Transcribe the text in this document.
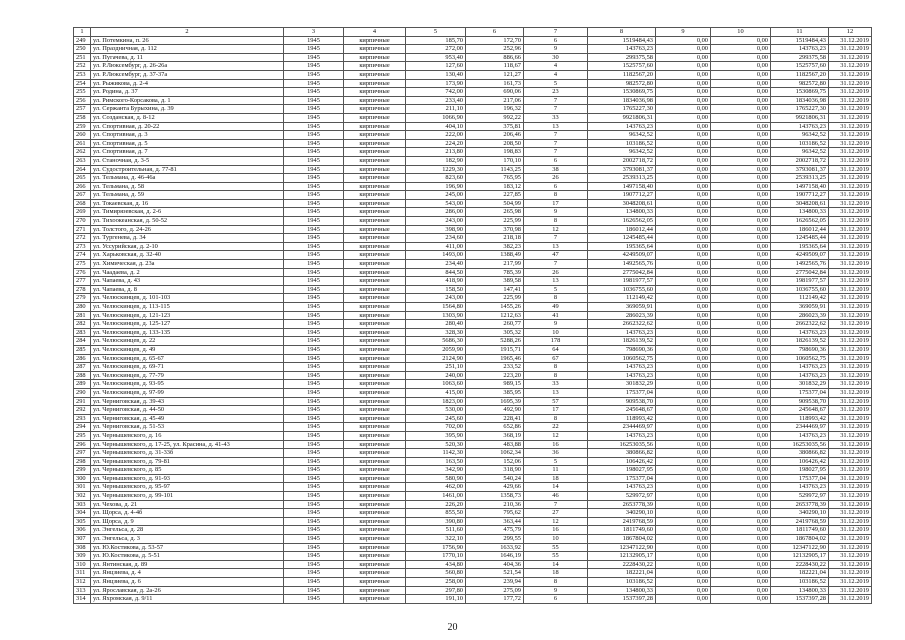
1	2	3	4	5	6	7	8	9	10	11	12
249	ул. Потемкина, п. 26	1945	кирпичные	185,70	172,70	6	1519484,43	0,00	0,00	1519484,43	31.12.2019
250	ул. Праздничная, д. 112	1945	кирпичные	272,00	252,96	9	143763,23	0,00	0,00	143763,23	31.12.2019
251	ул. Пугачева, д. 11	1945	кирпичные	953,40	886,66	30	299375,58	0,00	0,00	299375,58	31.12.2019
252	ул. Р.Люксембург, д. 26-26а	1945	кирпичные	127,60	118,67	4	1525757,60	0,00	0,00	1525757,60	31.12.2019
253	ул. Р.Люксембург, д. 37-37а	1945	кирпичные	130,40	121,27	4	1182567,20	0,00	0,00	1182567,20	31.12.2019
254	ул. Рыжикова, д. 2-4	1945	кирпичные	173,90	161,73	5	982572,80	0,00	0,00	982572,80	31.12.2019
255	ул. Родина, д. 37	1945	кирпичные	742,00	690,06	23	1530869,75	0,00	0,00	1530869,75	31.12.2019
256	ул. Римского-Корсакова, д. 1	1945	кирпичные	233,40	217,06	7	1834036,98	0,00	0,00	1834036,98	31.12.2019
257	ул. Сержанта Бурыхина, д. 39	1945	кирпичные	211,10	196,32	7	1765227,30	0,00	0,00	1765227,30	31.12.2019
258	ул. Созданская, д. 8-12	1945	кирпичные	1066,90	992,22	33	9921806,31	0,00	0,00	9921806,31	31.12.2019
259	ул. Спортивная, д. 20-22	1945	кирпичные	404,10	375,81	13	143763,23	0,00	0,00	143763,23	31.12.2019
260	ул. Спортивная, д. 3	1945	кирпичные	222,00	206,46	7	96342,52	0,00	0,00	96342,52	31.12.2019
261	ул. Спортивная, д. 5	1945	кирпичные	224,20	208,50	7	103186,52	0,00	0,00	103186,52	31.12.2019
262	ул. Спортивная, д. 7	1945	кирпичные	213,80	198,83	7	96342,52	0,00	0,00	96342,52	31.12.2019
263	ул. Станочная, д. 3-5	1945	кирпичные	182,90	170,10	6	2002718,72	0,00	0,00	2002718,72	31.12.2019
264	ул. Судостроительная, д. 77-81	1945	кирпичные	1229,30	1143,25	38	3793081,37	0,00	0,00	3793081,37	31.12.2019
265	ул. Тельмана, д. 46-46а	1945	кирпичные	823,60	765,95	26	2539313,25	0,00	0,00	2539313,25	31.12.2019
266	ул. Тельмана, д. 58	1945	кирпичные	196,90	183,12	6	1497158,40	0,00	0,00	1497158,40	31.12.2019
267	ул. Тельмана, д. 59	1945	кирпичные	245,00	227,85	8	1907712,27	0,00	0,00	1907712,27	31.12.2019
268	ул. Токаевская, д. 16	1945	кирпичные	543,00	504,99	17	3048208,61	0,00	0,00	3048208,61	31.12.2019
269	ул. Тимирязевская, д. 2-6	1945	кирпичные	286,00	265,98	9	134800,33	0,00	0,00	134800,33	31.12.2019
270	ул. Тихоокеанская, д. 50-52	1945	кирпичные	243,00	225,99	8	1626562,05	0,00	0,00	1626562,05	31.12.2019
271	ул. Толстого, д. 24-26	1945	кирпичные	398,90	370,98	12	186012,44	0,00	0,00	186012,44	31.12.2019
272	ул. Тургенева, д. 34	1945	кирпичные	234,60	218,18	7	1245485,44	0,00	0,00	1245485,44	31.12.2019
273	ул. Уссурийская, д. 2-10	1945	кирпичные	411,00	382,23	13	195365,64	0,00	0,00	195365,64	31.12.2019
274	ул. Харьковская, д. 32-40	1945	кирпичные	1493,00	1388,49	47	4249509,07	0,00	0,00	4249509,07	31.12.2019
275	ул. Химическая, д. 23а	1945	кирпичные	234,40	217,99	7	1492565,76	0,00	0,00	1492565,76	31.12.2019
276	ул. Чаадаева, д. 2	1945	кирпичные	844,50	785,39	26	2775042,84	0,00	0,00	2775042,84	31.12.2019
277	ул. Чапаева, д. 43	1945	кирпичные	418,90	389,58	13	1981977,57	0,00	0,00	1981977,57	31.12.2019
278	ул. Чапаева, д. 8	1945	кирпичные	158,50	147,41	5	1036755,60	0,00	0,00	1036755,60	31.12.2019
279	ул. Челюскинцев, д. 101-103	1945	кирпичные	243,00	225,99	8	112149,42	0,00	0,00	112149,42	31.12.2019
280	ул. Челюскинцев, д. 113-115	1945	кирпичные	1564,80	1455,26	49	369059,91	0,00	0,00	369059,91	31.12.2019
281	ул. Челюскинцев, д. 121-123	1945	кирпичные	1303,90	1212,63	41	286023,39	0,00	0,00	286023,39	31.12.2019
282	ул. Челюскинцев, д. 125-127	1945	кирпичные	280,40	260,77	9	2662322,62	0,00	0,00	2662322,62	31.12.2019
283	ул. Челюскинцев, д. 133-135	1945	кирпичные	328,30	305,32	10	143763,23	0,00	0,00	143763,23	31.12.2019
284	ул. Челюскинцев, д. 22	1945	кирпичные	5686,30	5288,26	178	1826139,52	0,00	0,00	1826139,52	31.12.2019
285	ул. Челюскинцев, д. 49	1945	кирпичные	2059,90	1915,71	64	798690,36	0,00	0,00	798690,36	31.12.2019
286	ул. Челюскинцев, д. 65-67	1945	кирпичные	2124,90	1965,46	67	1060562,75	0,00	0,00	1060562,75	31.12.2019
287	ул. Челюскинцев, д. 69-71	1945	кирпичные	251,10	233,52	8	143763,23	0,00	0,00	143763,23	31.12.2019
288	ул. Челюскинцев, д. 77-79	1945	кирпичные	240,00	223,20	8	143763,23	0,00	0,00	143763,23	31.12.2019
289	ул. Челюскинцев, д. 93-95	1945	кирпичные	1063,60	989,15	33	301832,29	0,00	0,00	301832,29	31.12.2019
290	ул. Челюскинцев, д. 97-99	1945	кирпичные	415,00	385,95	13	175377,04	0,00	0,00	175377,04	31.12.2019
291	ул. Черниговская, д. 39-43	1945	кирпичные	1823,00	1695,39	57	909538,70	0,00	0,00	909538,70	31.12.2019
292	ул. Черниговская, д. 44-50	1945	кирпичные	530,00	492,90	17	245648,67	0,00	0,00	245648,67	31.12.2019
293	ул. Черниговская, д. 45-49	1945	кирпичные	245,60	228,41	8	118993,42	0,00	0,00	118993,42	31.12.2019
294	ул. Черниговская, д. 51-53	1945	кирпичные	702,00	652,86	22	2344469,97	0,00	0,00	2344469,97	31.12.2019
295	ул. Чернышевского, д. 16	1945	кирпичные	395,90	368,19	12	143763,23	0,00	0,00	143763,23	31.12.2019
296	ул. Чернышевского, д. 17-25, ул. Красина, д. 41-43	1945	кирпичные	520,30	483,88	16	16253035,56	0,00	0,00	16253035,56	31.12.2019
297	ул. Чернышевского, д. 31-33б	1945	кирпичные	1142,30	1062,34	36	380866,82	0,00	0,00	380866,82	31.12.2019
298	ул. Чернышевского, д. 79-81	1945	кирпичные	163,50	152,06	5	106426,42	0,00	0,00	106426,42	31.12.2019
299	ул. Чернышевского, д. 85	1945	кирпичные	342,90	318,90	11	198027,95	0,00	0,00	198027,95	31.12.2019
300	ул. Чернышевского, д. 91-93	1945	кирпичные	580,90	540,24	18	175377,04	0,00	0,00	175377,04	31.12.2019
301	ул. Чернышевского, д. 95-97	1945	кирпичные	462,00	429,66	14	143763,23	0,00	0,00	143763,23	31.12.2019
302	ул. Чернышевского, д. 99-101	1945	кирпичные	1461,00	1358,73	46	529972,97	0,00	0,00	529972,97	31.12.2019
303	ул. Чехова, д. 21	1945	кирпичные	226,20	210,36	7	2653778,39	0,00	0,00	2653778,39	31.12.2019
304	ул. Щорса, д. 4-4б	1945	кирпичные	855,50	795,62	27	340290,10	0,00	0,00	340290,10	31.12.2019
305	ул. Щорса, д. 9	1945	кирпичные	390,80	363,44	12	2419768,59	0,00	0,00	2419768,59	31.12.2019
306	ул. Энгельса, д. 28	1945	кирпичные	511,60	475,79	16	1811749,60	0,00	0,00	1811749,60	31.12.2019
307	ул. Энгельса, д. 3	1945	кирпичные	322,10	299,55	10	1867804,02	0,00	0,00	1867804,02	31.12.2019
308	ул. Ю.Костикова, д. 53-57	1945	кирпичные	1756,90	1633,92	55	12347122,90	0,00	0,00	12347122,90	31.12.2019
309	ул. Ю.Костикова, д. 5-51	1945	кирпичные	1770,10	1646,19	55	12132905,17	0,00	0,00	12132905,17	31.12.2019
310	ул. Янтинская, д. 89	1945	кирпичные	434,80	404,36	14	2228430,22	0,00	0,00	2228430,22	31.12.2019
311	ул. Янцзиева, д. 4	1945	кирпичные	560,80	521,54	18	182221,04	0,00	0,00	182221,04	31.12.2019
312	ул. Янцзиева, д. 6	1945	кирпичные	258,00	239,94	8	103186,52	0,00	0,00	103186,52	31.12.2019
313	ул. Ярославская, д. 2а-26	1945	кирпичные	297,80	275,09	9	134800,33	0,00	0,00	134800,33	31.12.2019
314	ул. Яхромская, д. 9/11	1945	кирпичные	191,10	177,72	6	1537397,28	0,00	0,00	1537397,28	31.12.2019
20
